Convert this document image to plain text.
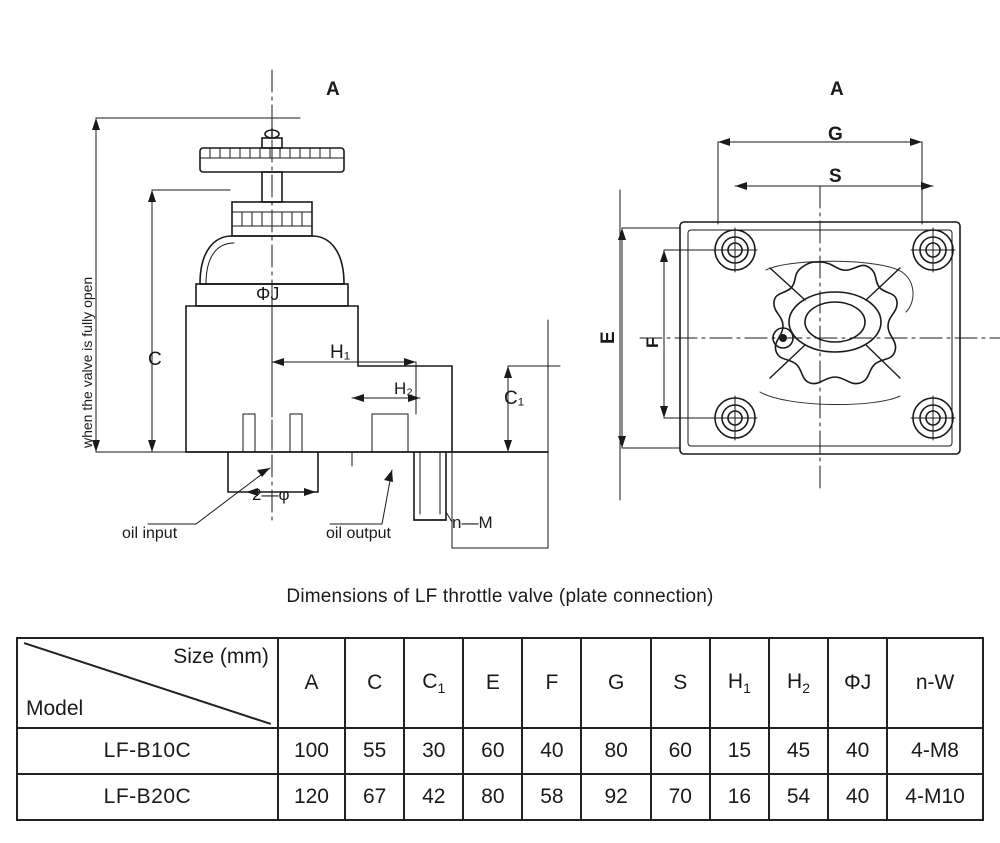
A	A
C
C₁
H₁
H₂
ΦJ
2—φ
n—M
oil input	oil output
G
S
E F
when the valve is fully open
Dimensions of LF throttle valve (plate connection)
Size (mm)
Model	A	C	$C_1$	E	F	G	S	$H_1$	$H_2$	ΦJ	n-W
LF-B10C	100	55	30	60	40	80	60	15	45	40	4-M8
LF-B20C	120	67	42	80	58	92	70	16	54	40	4-M10
